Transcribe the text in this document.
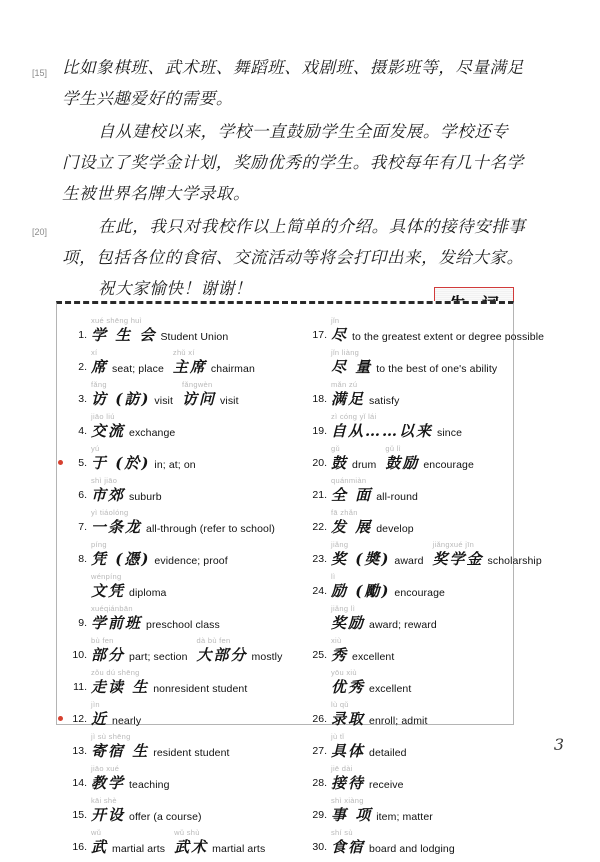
[15] 比如象棋班、武术班、舞蹈班、戏剧班、摄影班等，尽量满足
学生兴趣爱好的需要。
自从建校以来，学校一直鼓励学生全面发展。学校还专
门设立了奖学金计划，奖励优秀的学生。我校每年有几十名学
生被世界名牌大学录取。
[20]	在此，我只对我校作以上简单的介绍。具体的接待安排事
项，包括各位的食宿、交流活动等将会打印出来，发给大家。
祝大家愉快！谢谢！
1.
xué shēng huì
学 生 会 Student Union
2.
xí
席 seat; place
zhǔ xí
主席 chairman
3.
fǎng
访 (訪) visit
fǎngwèn
访问 visit
4.
jiāo liú
交流 exchange
5.
yú
于 (於) in; at; on
6.
shì jiāo
市郊 suburb
7.
yì tiáolóng
一条龙 all-through (refer to school)
8.
píng
凭 (憑) evidence; proof
wénpíng
文凭 diploma
9.
xuéqiánbān
学前班 preschool class
10.
bù fen
部分 part; section
dà bù fen
大部分 mostly
11.
zǒu dú shēng
走读 生 nonresident student
12.
jìn
近 nearly
13.
jì sù shēng
寄宿 生 resident student
14.
jiāo xué
教学 teaching
15.
kāi shè
开设 offer (a course)
16.
wǔ
武 martial arts
wǔ shù
武术 martial arts
17.
jǐn
尽 to the greatest extent or degree possible
jǐn liàng
尽 量 to the best of one's ability
18.
mǎn zú
满足 satisfy
19.
zì cóng yǐ lái
自从……以来 since
20.
gǔ
鼓 drum
gǔ lì
鼓励 encourage
21.
quánmiàn
全 面 all-round
22.
fā zhǎn
发 展 develop
23.
jiǎng
奖 (奬) award
jiǎngxué jīn
奖学金 scholarship
24.
lì
励 (勵) encourage
jiǎng lì
奖励 award; reward
25.
xiù
秀 excellent
yōu xiù
优秀 excellent
26.
lù qǔ
录取 enroll; admit
27.
jù tǐ
具体 detailed
28.
jiē dài
接待 receive
29.
shì xiàng
事 项 item; matter
30.
shí sù
食宿 board and lodging
3
